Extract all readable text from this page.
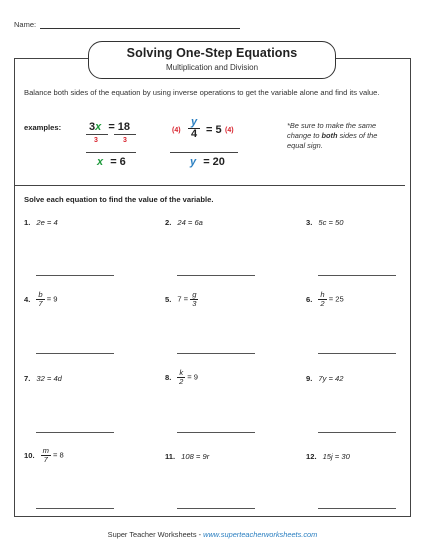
Name:
Solving One-Step Equations
Multiplication and Division
Balance both sides of the equation by using inverse operations to get the variable alone and find its value.
examples:	3x = 18
3	3
x = 6
$(4) \frac{y}{4} = 5$ (4)
y = 20
*Be sure to make the same change to both sides of the equal sign.
Solve each equation to find the value of the variable.
1. 2e = 4	2. 24 = 6a	3. 5c = 50
4. $\frac{b}{7} = 9$	5. $7 = \frac{g}{3}$	6. $\frac{h}{2} = 25$
7. 32 = 4d	8. $\frac{k}{2} = 9$	9. 7y = 42
10. $\frac{m}{7} = 8$	11. 108 = 9r	12. 15j = 30
Super Teacher Worksheets - www.superteacherworksheets.com
